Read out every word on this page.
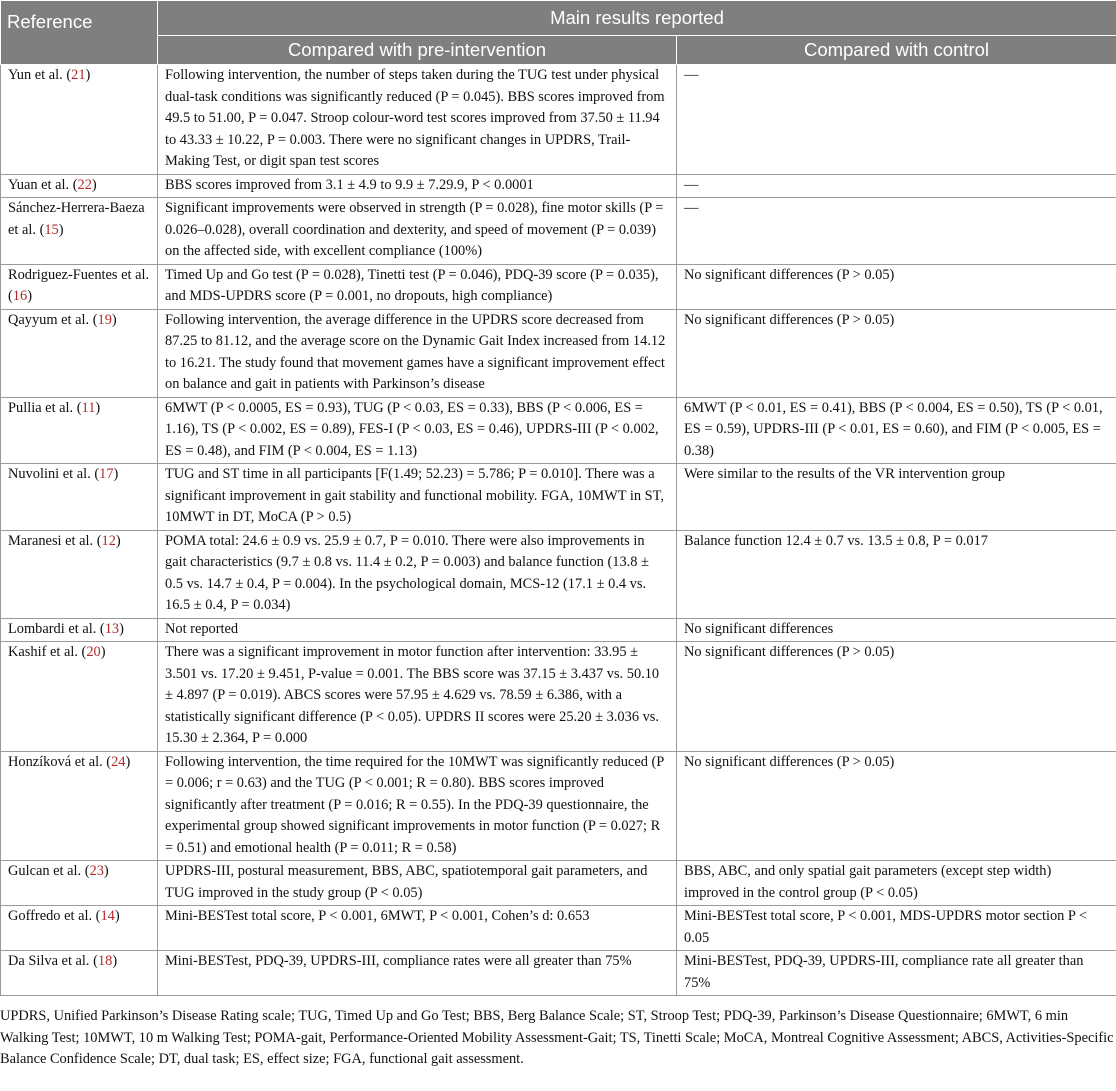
Reference	Main results reported	
	Compared with pre-intervention	Compared with control
Yun et al. (21)	Following intervention, the number of steps taken during the TUG test under physical dual-task conditions was significantly reduced (P = 0.045). BBS scores improved from 49.5 to 51.00, P = 0.047. Stroop colour-word test scores improved from 37.50 ± 11.94 to 43.33 ± 10.22, P = 0.003. There were no significant changes in UPDRS, Trail-Making Test, or digit span test scores	—
Yuan et al. (22)	BBS scores improved from 3.1 ± 4.9 to 9.9 ± 7.29.9, P < 0.0001	—
Sánchez-Herrera-Baeza et al. (15)	Significant improvements were observed in strength (P = 0.028), fine motor skills (P = 0.026–0.028), overall coordination and dexterity, and speed of movement (P = 0.039) on the affected side, with excellent compliance (100%)	—
Rodriguez-Fuentes et al. (16)	Timed Up and Go test (P = 0.028), Tinetti test (P = 0.046), PDQ-39 score (P = 0.035), and MDS-UPDRS score (P = 0.001, no dropouts, high compliance)	No significant differences (P > 0.05)
Qayyum et al. (19)	Following intervention, the average difference in the UPDRS score decreased from 87.25 to 81.12, and the average score on the Dynamic Gait Index increased from 14.12 to 16.21. The study found that movement games have a significant improvement effect on balance and gait in patients with Parkinson’s disease	No significant differences (P > 0.05)
Pullia et al. (11)	6MWT (P < 0.0005, ES = 0.93), TUG (P < 0.03, ES = 0.33), BBS (P < 0.006, ES = 1.16), TS (P < 0.002, ES = 0.89), FES-I (P < 0.03, ES = 0.46), UPDRS-III (P < 0.002, ES = 0.48), and FIM (P < 0.004, ES = 1.13)	6MWT (P < 0.01, ES = 0.41), BBS (P < 0.004, ES = 0.50), TS (P < 0.01, ES = 0.59), UPDRS-III (P < 0.01, ES = 0.60), and FIM (P < 0.005, ES = 0.38)
Nuvolini et al. (17)	TUG and ST time in all participants [F(1.49; 52.23) = 5.786; P = 0.010]. There was a significant improvement in gait stability and functional mobility. FGA, 10MWT in ST, 10MWT in DT, MoCA (P > 0.5)	Were similar to the results of the VR intervention group
Maranesi et al. (12)	POMA total: 24.6 ± 0.9 vs. 25.9 ± 0.7, P = 0.010. There were also improvements in gait characteristics (9.7 ± 0.8 vs. 11.4 ± 0.2, P = 0.003) and balance function (13.8 ± 0.5 vs. 14.7 ± 0.4, P = 0.004). In the psychological domain, MCS-12 (17.1 ± 0.4 vs. 16.5 ± 0.4, P = 0.034)	Balance function 12.4 ± 0.7 vs. 13.5 ± 0.8, P = 0.017
Lombardi et al. (13)	Not reported	No significant differences
Kashif et al. (20)	There was a significant improvement in motor function after intervention: 33.95 ± 3.501 vs. 17.20 ± 9.451, P-value = 0.001. The BBS score was 37.15 ± 3.437 vs. 50.10 ± 4.897 (P = 0.019). ABCS scores were 57.95 ± 4.629 vs. 78.59 ± 6.386, with a statistically significant difference (P < 0.05). UPDRS II scores were 25.20 ± 3.036 vs. 15.30 ± 2.364, P = 0.000	No significant differences (P > 0.05)
Honzíková et al. (24)	Following intervention, the time required for the 10MWT was significantly reduced (P = 0.006; r = 0.63) and the TUG (P < 0.001; R = 0.80). BBS scores improved significantly after treatment (P = 0.016; R = 0.55). In the PDQ-39 questionnaire, the experimental group showed significant improvements in motor function (P = 0.027; R = 0.51) and emotional health (P = 0.011; R = 0.58)	No significant differences (P > 0.05)
Gulcan et al. (23)	UPDRS-III, postural measurement, BBS, ABC, spatiotemporal gait parameters, and TUG improved in the study group (P < 0.05)	BBS, ABC, and only spatial gait parameters (except step width) improved in the control group (P < 0.05)
Goffredo et al. (14)	Mini-BESTest total score, P < 0.001, 6MWT, P < 0.001, Cohen’s d: 0.653	Mini-BESTest total score, P < 0.001, MDS-UPDRS motor section P < 0.05
Da Silva et al. (18)	Mini-BESTest, PDQ-39, UPDRS-III, compliance rates were all greater than 75%	Mini-BESTest, PDQ-39, UPDRS-III, compliance rate all greater than 75%
UPDRS, Unified Parkinson’s Disease Rating scale; TUG, Timed Up and Go Test; BBS, Berg Balance Scale; ST, Stroop Test; PDQ-39, Parkinson’s Disease Questionnaire; 6MWT, 6 min Walking Test; 10MWT, 10 m Walking Test; POMA-gait, Performance-Oriented Mobility Assessment-Gait; TS, Tinetti Scale; MoCA, Montreal Cognitive Assessment; ABCS, Activities-Specific Balance Confidence Scale; DT, dual task; ES, effect size; FGA, functional gait assessment.
